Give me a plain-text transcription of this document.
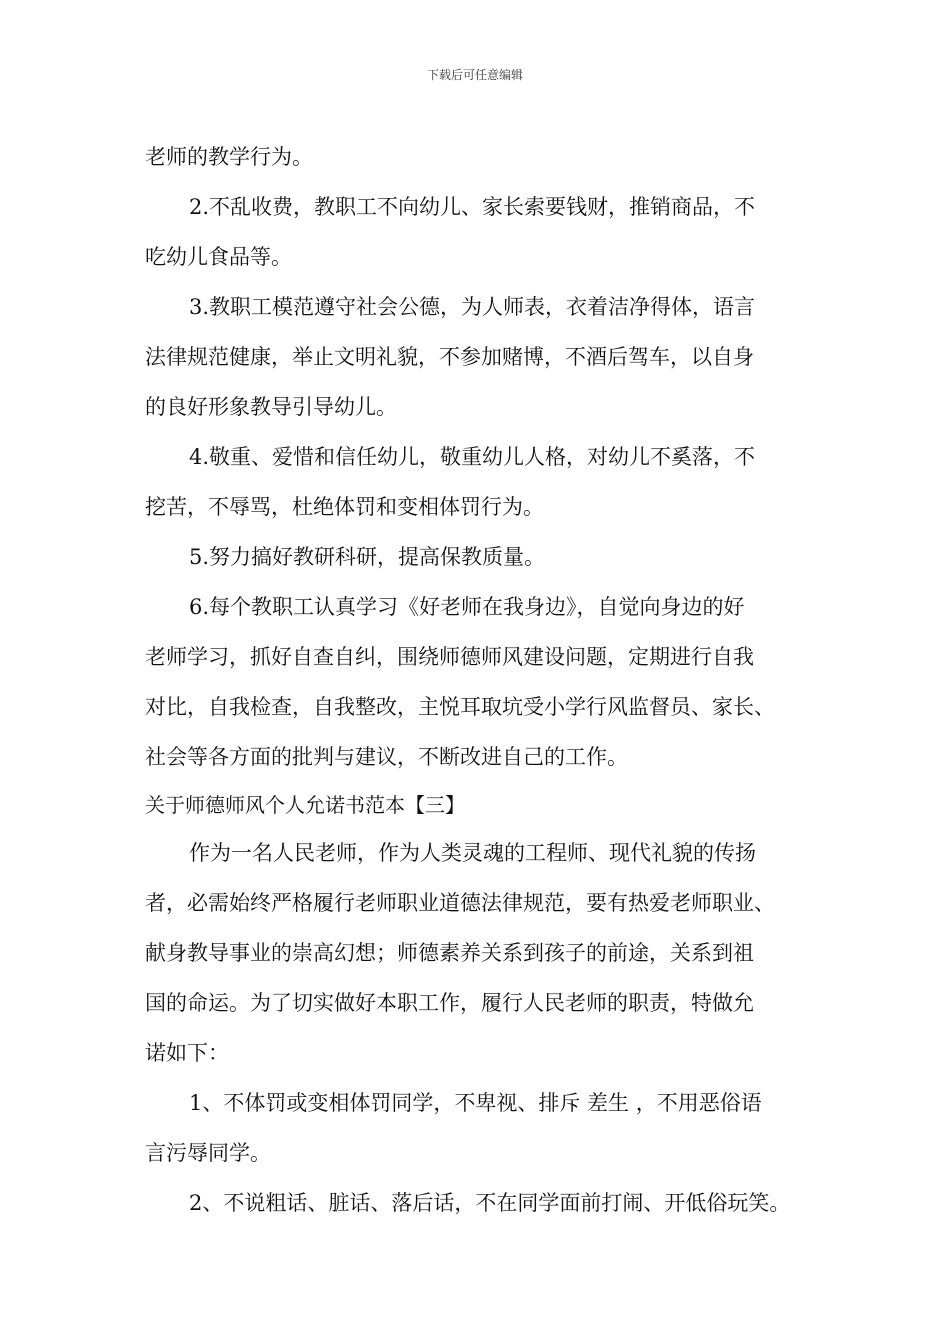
下载后可任意编辑
老师的教学行为。
2.不乱收费，教职工不向幼儿、家长索要钱财，推销商品，不
吃幼儿食品等。
3.教职工模范遵守社会公德，为人师表，衣着洁净得体，语言
法律规范健康，举止文明礼貌，不参加赌博，不酒后驾车，以自身
的良好形象教导引导幼儿。
4.敬重、爱惜和信任幼儿，敬重幼儿人格，对幼儿不奚落，不
挖苦，不辱骂，杜绝体罚和变相体罚行为。
5.努力搞好教研科研，提高保教质量。
6.每个教职工认真学习《好老师在我身边》，自觉向身边的好
老师学习，抓好自查自纠，围绕师德师风建设问题，定期进行自我
对比，自我检查，自我整改，主悦耳取坑受小学行风监督员、家长、
社会等各方面的批判与建议，不断改进自己的工作。
关于师德师风个人允诺书范本【三】
作为一名人民老师，作为人类灵魂的工程师、现代礼貌的传扬
者，必需始终严格履行老师职业道德法律规范，要有热爱老师职业、
献身教导事业的崇高幻想；师德素养关系到孩子的前途，关系到祖
国的命运。为了切实做好本职工作，履行人民老师的职责，特做允
诺如下：
1、不体罚或变相体罚同学，不卑视、排斥 差生 ，不用恶俗语
言污辱同学。
2、不说粗话、脏话、落后话，不在同学面前打闹、开低俗玩笑。
